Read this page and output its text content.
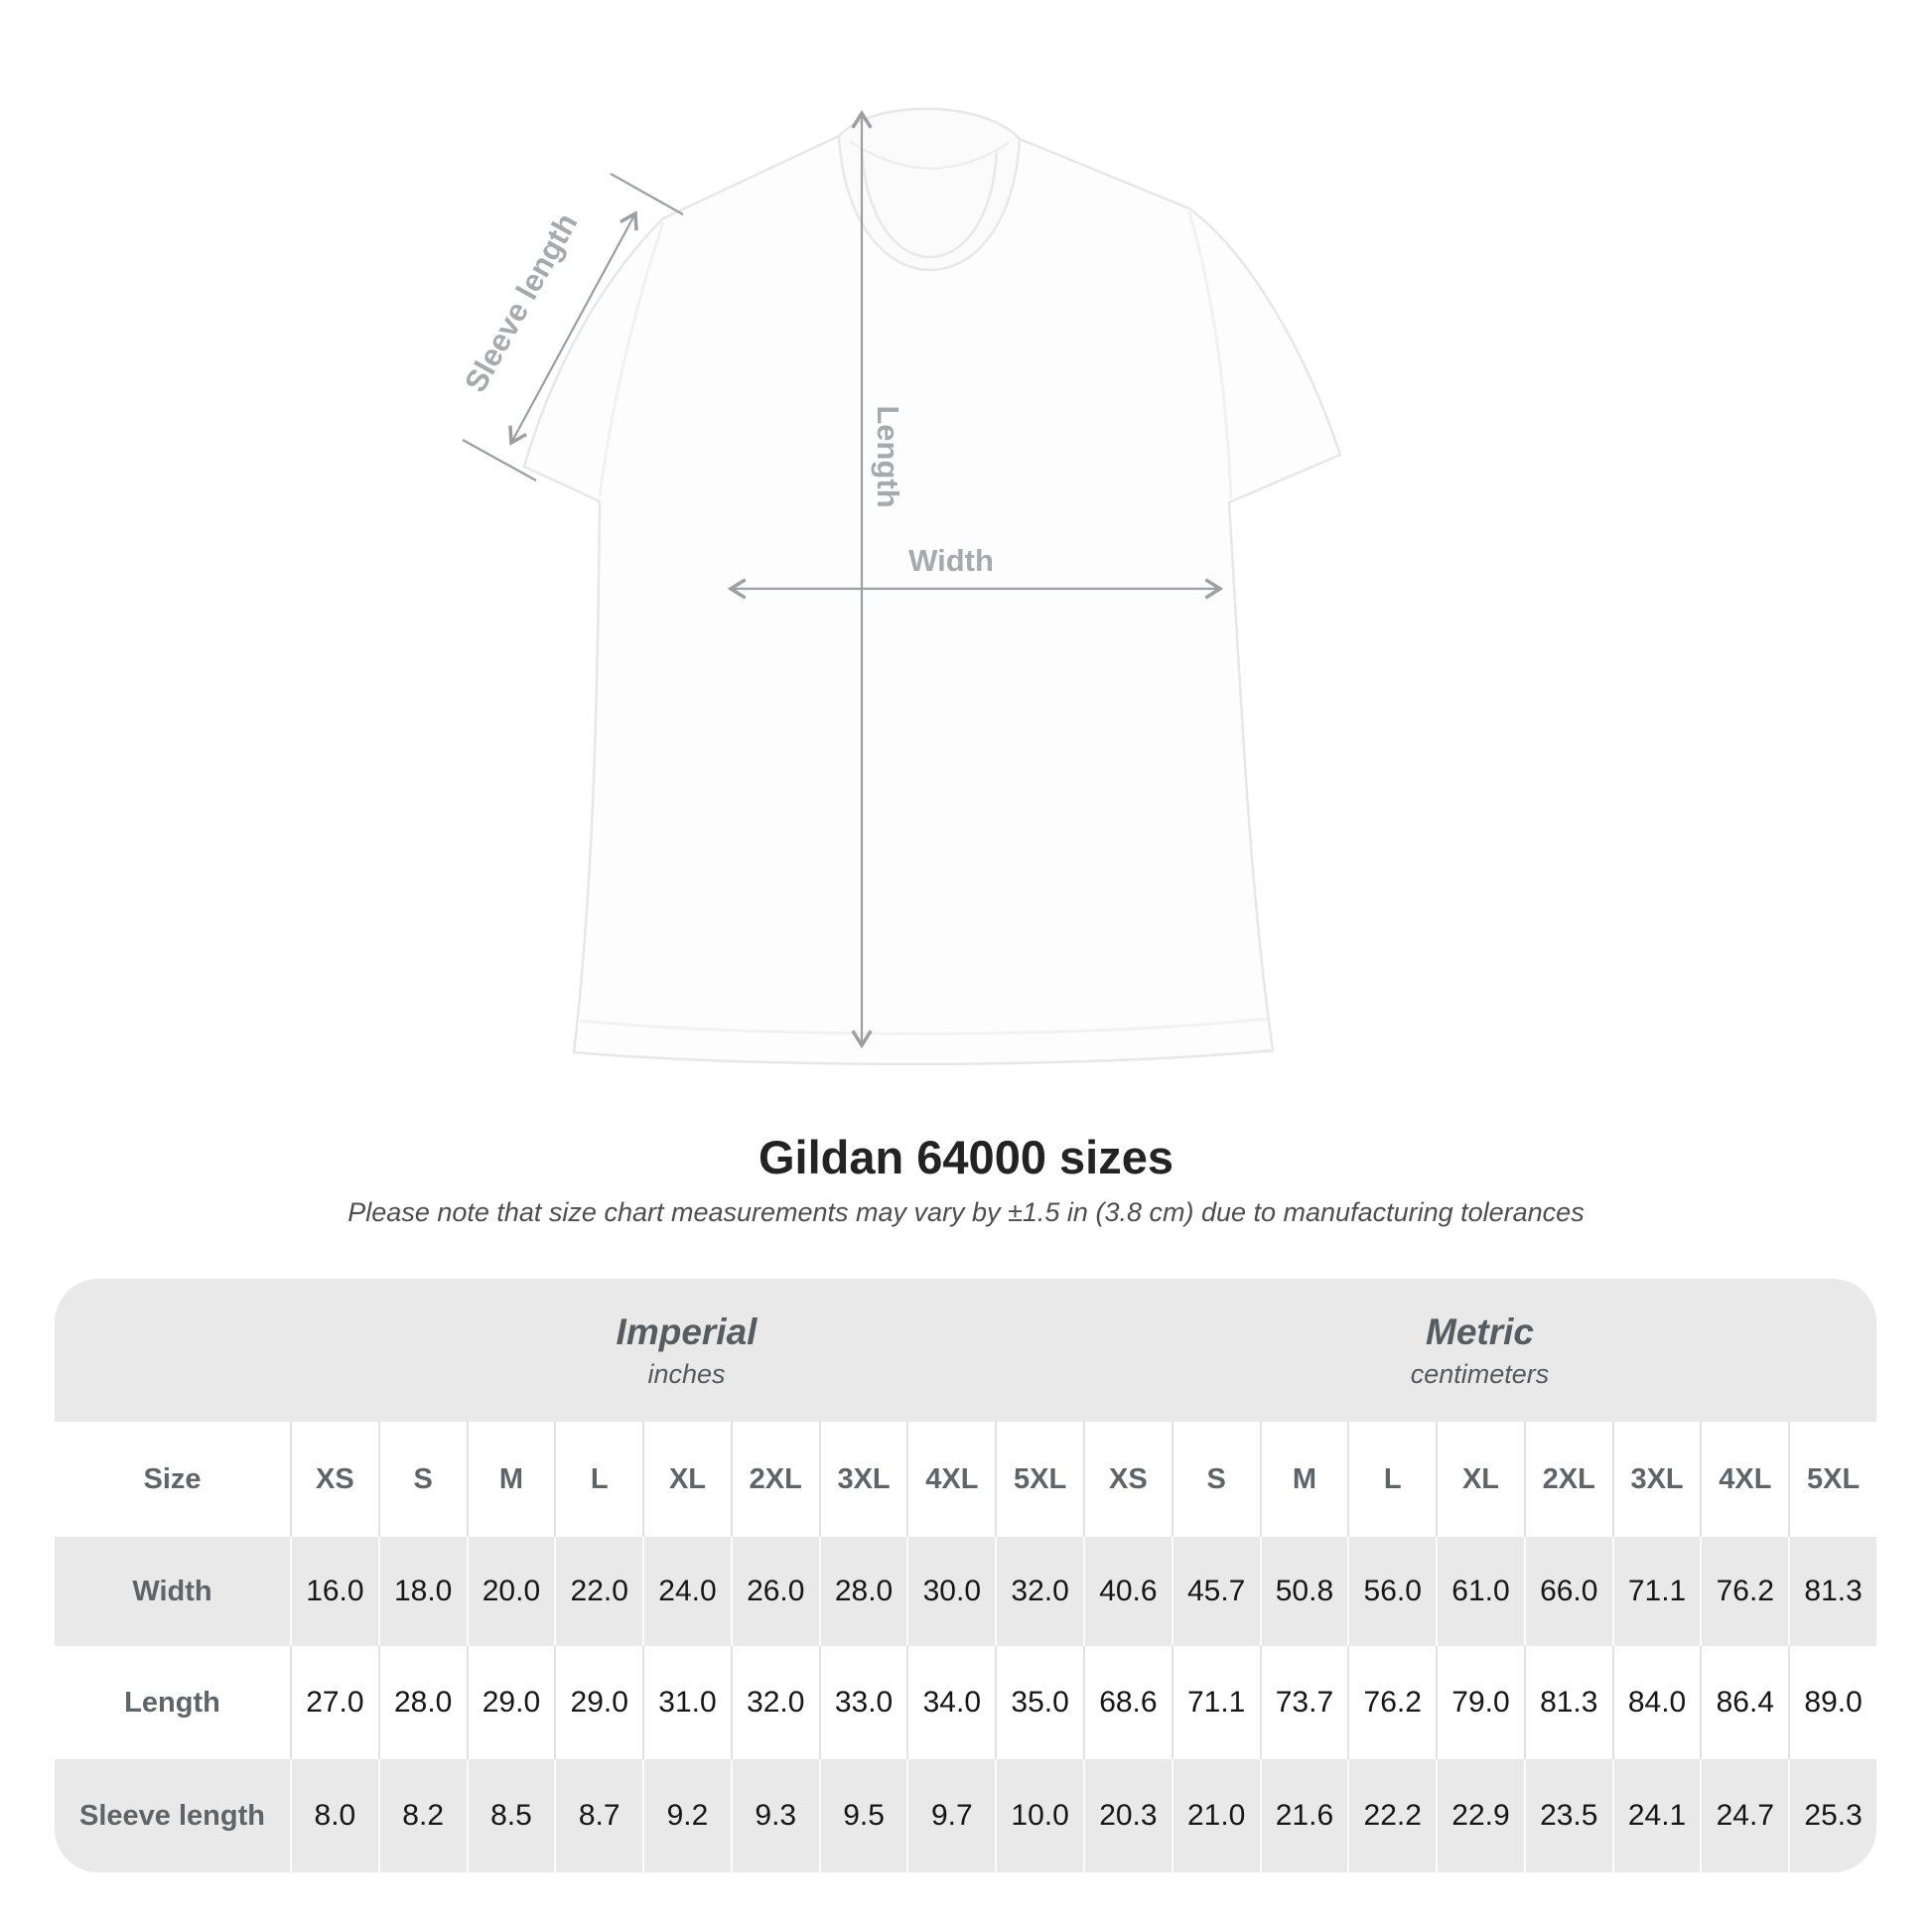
Length
Width
Sleeve length
Gildan 64000 sizes

Please note that size chart measurements may vary by ±1.5 in (3.8 cm) due to manufacturing tolerances

Imperial
inches
Metric
centimeters
Size	XS	S	M	L	XL	2XL	3XL	4XL	5XL	XS	S	M	L	XL	2XL	3XL	4XL	5XL
Width	16.0	18.0	20.0	22.0	24.0	26.0	28.0	30.0	32.0	40.6	45.7	50.8	56.0	61.0	66.0	71.1	76.2	81.3
Length	27.0	28.0	29.0	29.0	31.0	32.0	33.0	34.0	35.0	68.6	71.1	73.7	76.2	79.0	81.3	84.0	86.4	89.0
Sleeve length	8.0	8.2	8.5	8.7	9.2	9.3	9.5	9.7	10.0	20.3	21.0	21.6	22.2	22.9	23.5	24.1	24.7	25.3
